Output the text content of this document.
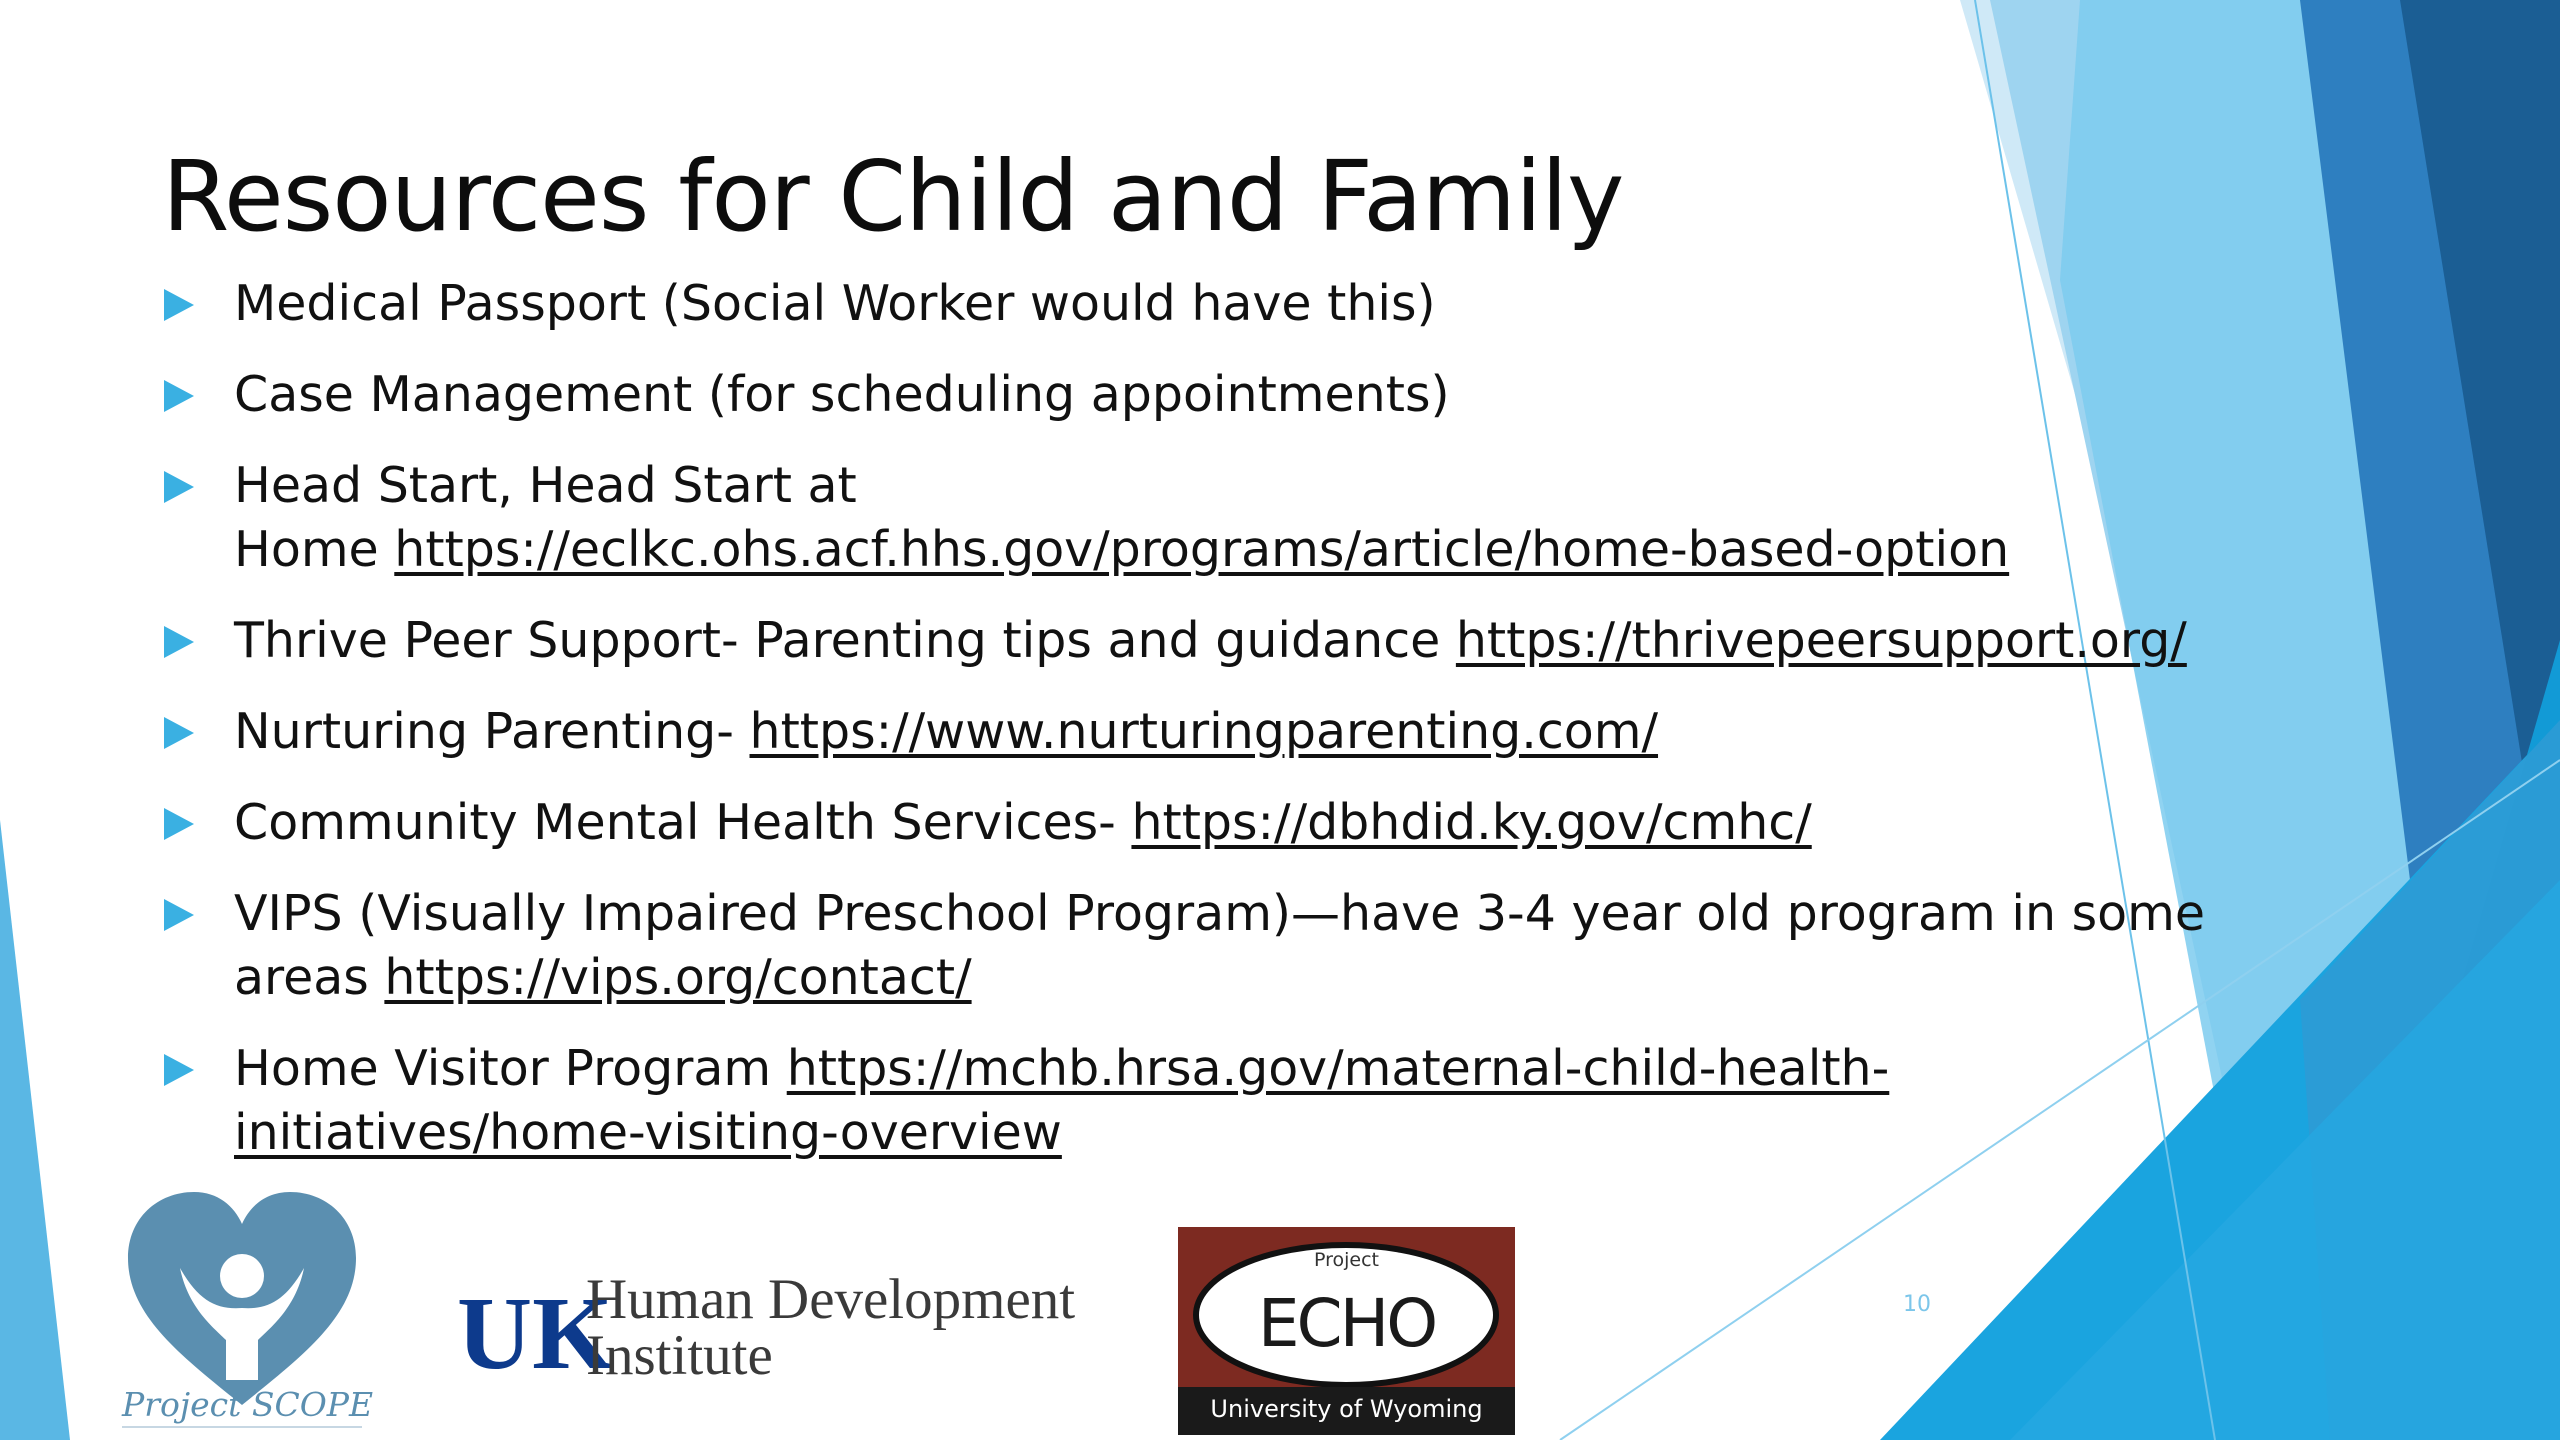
Resources for Child and Family
Medical Passport (Social Worker would have this)
Case Management (for scheduling appointments)
Head Start, Head Start at
Home https://eclkc.ohs.acf.hhs.gov/programs/article/home-based-option
Thrive Peer Support- Parenting tips and guidance https://thrivepeersupport.org/
Nurturing Parenting- https://www.nurturingparenting.com/
Community Mental Health Services- https://dbhdid.ky.gov/cmhc/
VIPS (Visually Impaired Preschool Program)—have 3-4 year old program in some
areas https://vips.org/contact/
Home Visitor Program https://mchb.hrsa.gov/maternal-child-health-
initiatives/home-visiting-overview
10
Project SCOPE
UK
Human Development
Institute
Project
ECHO
University of Wyoming
